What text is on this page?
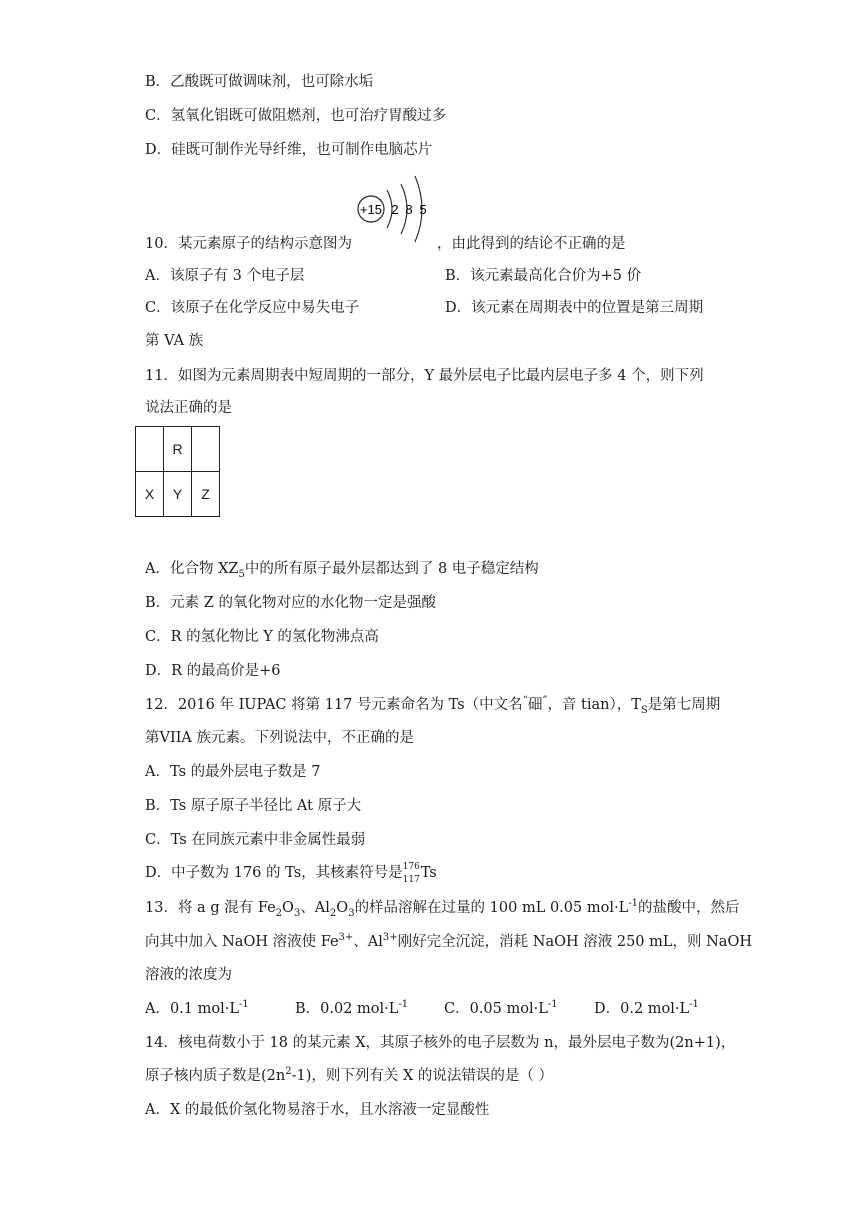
B．乙酸既可做调味剂，也可除水垢
C．氢氧化铝既可做阻燃剂，也可治疗胃酸过多
D．硅既可制作光导纤维，也可制作电脑芯片
+15 2 8 5
10．某元素原子的结构示意图为	，由此得到的结论不正确的是
A．该原子有 3 个电子层	B．该元素最高化合价为+5 价
C．该原子在化学反应中易失电子	D．该元素在周期表中的位置是第三周期
第 VA 族
11．如图为元素周期表中短周期的一部分，Y 最外层电子比最内层电子多 4 个，则下列
说法正确的是
	R	
X	Y	Z
A．化合物 $XZ_5$中的所有原子最外层都达到了 8 电子稳定结构
B．元素 Z 的氧化物对应的水化物一定是强酸
C．R 的氢化物比 Y 的氢化物沸点高
D．R 的最高价是+6
12．2016 年 IUPAC 将第 117 号元素命名为 Ts（中文名“鿬”，音 tian），$T_S$是第七周期
第VIIA 族元素。下列说法中，不正确的是
A．Ts 的最外层电子数是 7
B．Ts 原子原子半径比 At 原子大
C．Ts 在同族元素中非金属性最弱
D．中子数为 176 的 Ts，其核素符号是 176
117 Ts
13．将 a g 混有 $Fe_2O_3$、$Al_2O_3$的样品溶解在过量的 100 mL 0.05 $mol\cdot L^{-1}$的盐酸中，然后
向其中加入 NaOH 溶液使 $Fe^{3+}$、$Al^{3+}$刚好完全沉淀，消耗 NaOH 溶液 250 mL，则 NaOH
溶液的浓度为
A．0.1 $mol\cdot L^{-1}$	B．0.02 $mol\cdot L^{-1}$ C．0.05 $mol\cdot L^{-1}$	D．0.2 $mol\cdot L^{-1}$
14．核电荷数小于 18 的某元素 X，其原子核外的电子层数为 n，最外层电子数为(2n+1)，
原子核内质子数是$(2n^2-1)$，则下列有关 X 的说法错误的是（ ）
A．X 的最低价氢化物易溶于水，且水溶液一定显酸性
